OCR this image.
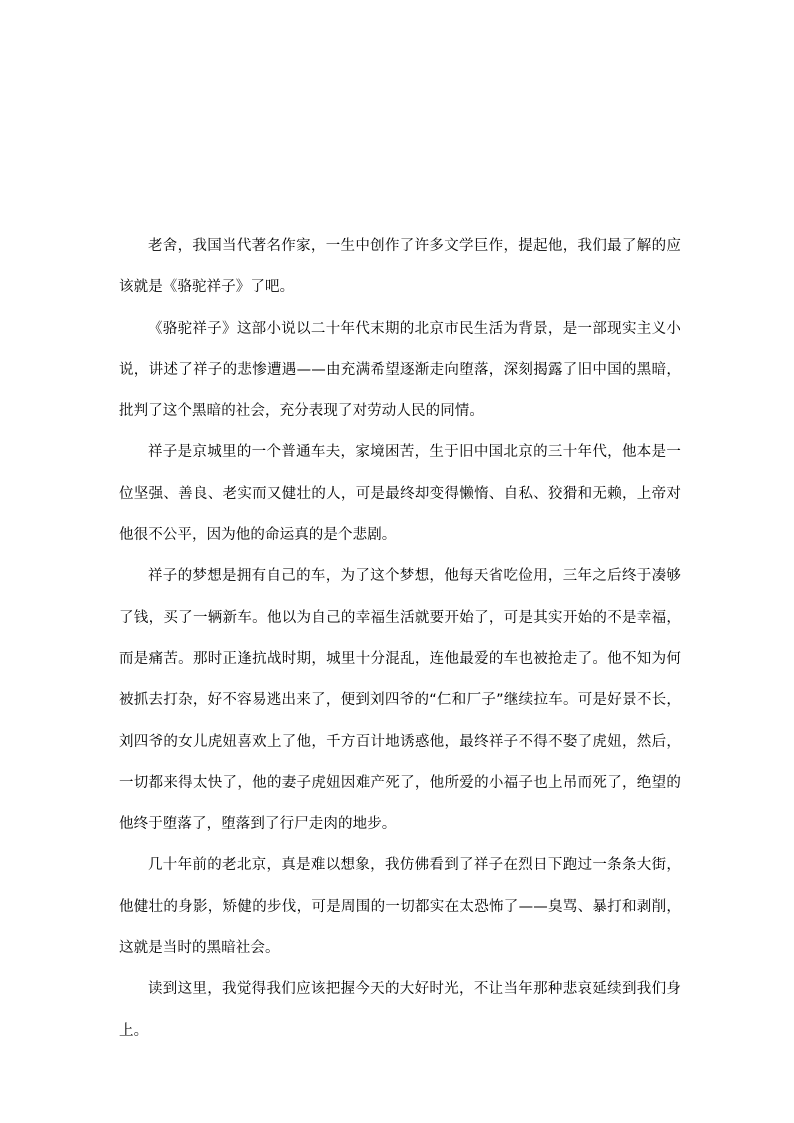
老舍，我国当代著名作家，一生中创作了许多文学巨作，提起他，我们最了解的应该就是《骆驼祥子》了吧。

《骆驼祥子》这部小说以二十年代末期的北京市民生活为背景，是一部现实主义小说，讲述了祥子的悲惨遭遇——由充满希望逐渐走向堕落，深刻揭露了旧中国的黑暗，批判了这个黑暗的社会，充分表现了对劳动人民的同情。

祥子是京城里的一个普通车夫，家境困苦，生于旧中国北京的三十年代，他本是一位坚强、善良、老实而又健壮的人，可是最终却变得懒惰、自私、狡猾和无赖，上帝对他很不公平，因为他的命运真的是个悲剧。

祥子的梦想是拥有自己的车，为了这个梦想，他每天省吃俭用，三年之后终于凑够了钱，买了一辆新车。他以为自己的幸福生活就要开始了，可是其实开始的不是幸福，而是痛苦。那时正逢抗战时期，城里十分混乱，连他最爱的车也被抢走了。他不知为何被抓去打杂，好不容易逃出来了，便到刘四爷的“仁和厂子”继续拉车。可是好景不长，刘四爷的女儿虎妞喜欢上了他，千方百计地诱惑他，最终祥子不得不娶了虎妞，然后，一切都来得太快了，他的妻子虎妞因难产死了，他所爱的小福子也上吊而死了，绝望的他终于堕落了，堕落到了行尸走肉的地步。

几十年前的老北京，真是难以想象，我仿佛看到了祥子在烈日下跑过一条条大街，他健壮的身影，矫健的步伐，可是周围的一切都实在太恐怖了——臭骂、暴打和剥削，这就是当时的黑暗社会。

读到这里，我觉得我们应该把握今天的大好时光，不让当年那种悲哀延续到我们身上。
